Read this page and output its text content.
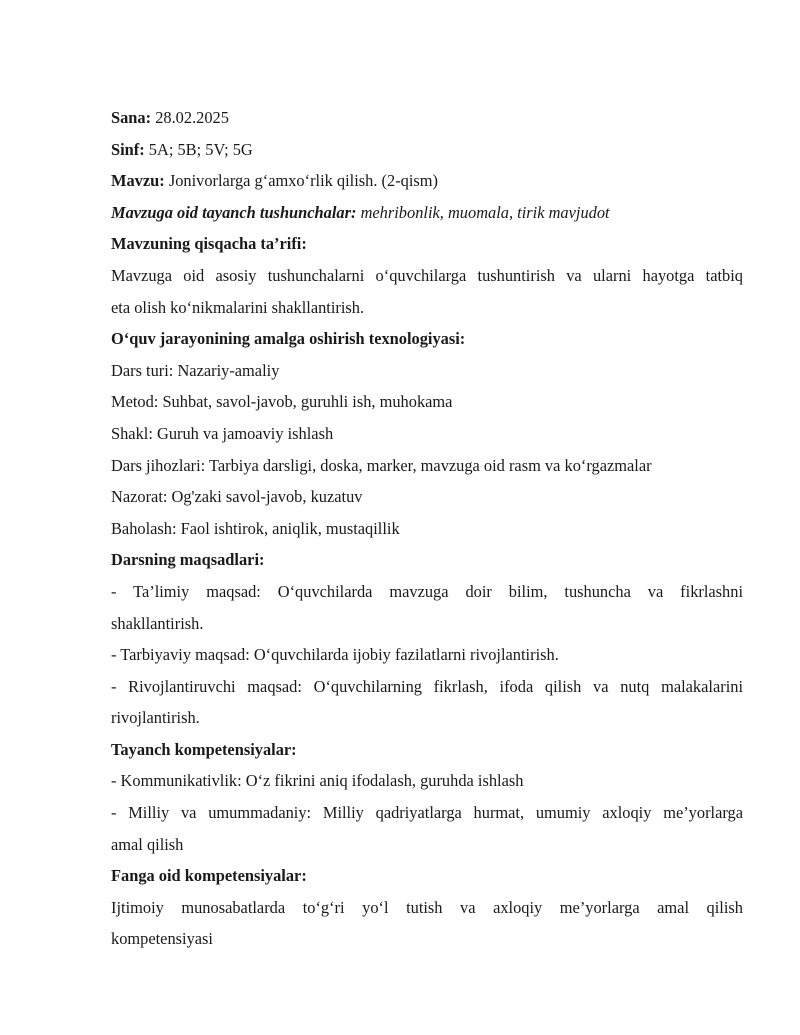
Sana: 28.02.2025
Sinf: 5A; 5B; 5V; 5G
Mavzu: Jonivorlarga g‘amxo‘rlik qilish. (2-qism)
Mavzuga oid tayanch tushunchalar: mehribonlik, muomala, tirik mavjudot
Mavzuning qisqacha ta’rifi:
Mavzuga oid asosiy tushunchalarni o‘quvchilarga tushuntirish va ularni hayotga tatbiq
eta olish ko‘nikmalarini shakllantirish.
O‘quv jarayonining amalga oshirish texnologiyasi:
Dars turi: Nazariy-amaliy
Metod: Suhbat, savol-javob, guruhli ish, muhokama
Shakl: Guruh va jamoaviy ishlash
Dars jihozlari: Tarbiya darsligi, doska, marker, mavzuga oid rasm va ko‘rgazmalar
Nazorat: Og'zaki savol-javob, kuzatuv
Baholash: Faol ishtirok, aniqlik, mustaqillik
Darsning maqsadlari:
- Ta’limiy maqsad: O‘quvchilarda mavzuga doir bilim, tushuncha va fikrlashni
shakllantirish.
- Tarbiyaviy maqsad: O‘quvchilarda ijobiy fazilatlarni rivojlantirish.
- Rivojlantiruvchi maqsad: O‘quvchilarning fikrlash, ifoda qilish va nutq malakalarini
rivojlantirish.
Tayanch kompetensiyalar:
- Kommunikativlik: O‘z fikrini aniq ifodalash, guruhda ishlash
- Milliy va umummadaniy: Milliy qadriyatlarga hurmat, umumiy axloqiy me’yorlarga
amal qilish
Fanga oid kompetensiyalar:
Ijtimoiy munosabatlarda to‘g‘ri yo‘l tutish va axloqiy me’yorlarga amal qilish
kompetensiyasi
